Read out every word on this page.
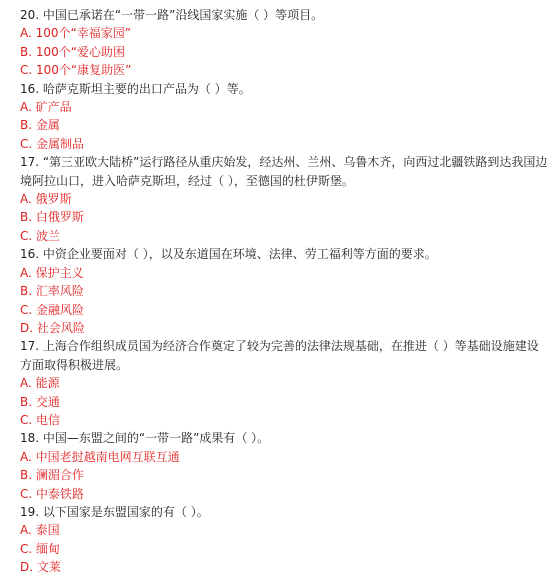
20. 中国已承诺在“一带一路”沿线国家实施（ ）等项目。

A. 100个“幸福家园”

B. 100个“爱心助困

C. 100个“康复助医”

16. 哈萨克斯坦主要的出口产品为（ ）等。

A. 矿产品

B. 金属

C. 金属制品

17. “第三亚欧大陆桥”运行路径从重庆始发，经达州、兰州、乌鲁木齐，向西过北疆铁路到达我国边境阿拉山口，进入哈萨克斯坦，经过（ ），至德国的杜伊斯堡。

A. 俄罗斯

B. 白俄罗斯

C. 波兰

16. 中资企业要面对（ ），以及东道国在环境、法律、劳工福利等方面的要求。

A. 保护主义

B. 汇率风险

C. 金融风险

D. 社会风险

17. 上海合作组织成员国为经济合作奠定了较为完善的法律法规基础，在推进（ ）等基础设施建设方面取得积极进展。

A. 能源

B. 交通

C. 电信

18. 中国—东盟之间的“一带一路”成果有（ ）。

A. 中国老挝越南电网互联互通

B. 澜湄合作

C. 中泰铁路

19. 以下国家是东盟国家的有（ ）。

A. 泰国

C. 缅甸

D. 文莱
